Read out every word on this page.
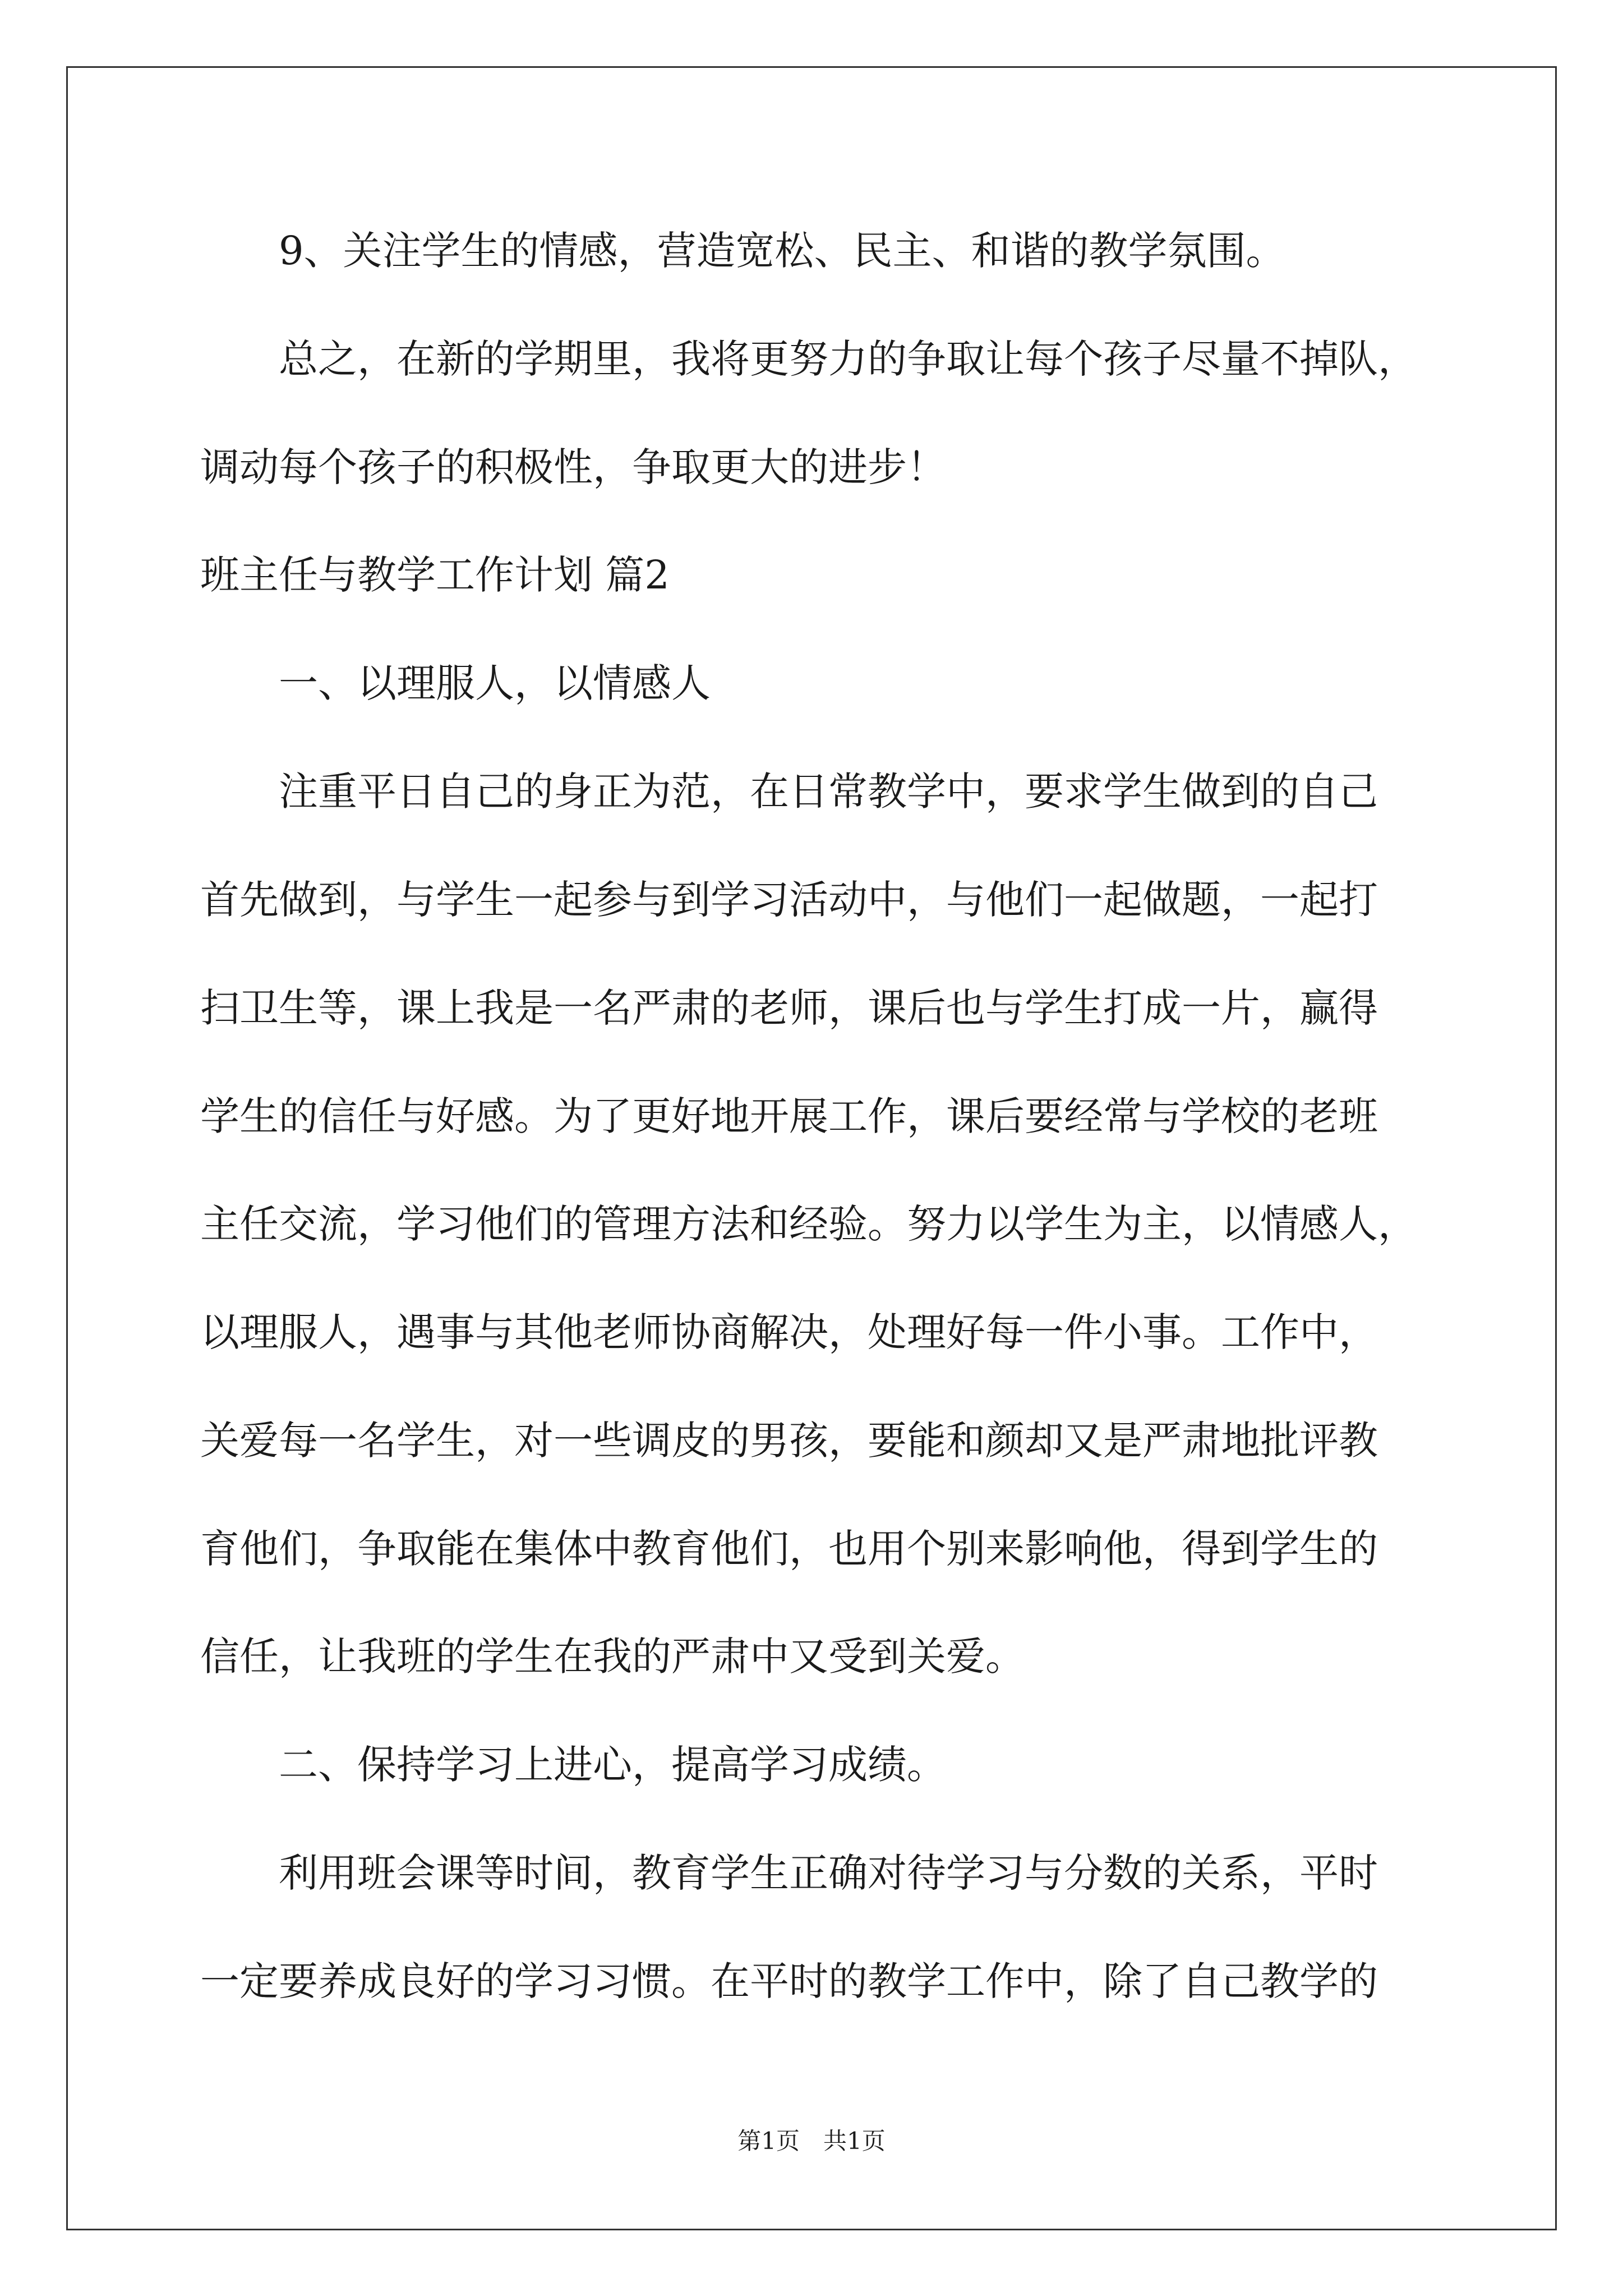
9、关注学生的情感，营造宽松、民主、和谐的教学氛围。
总之，在新的学期里，我将更努力的争取让每个孩子尽量不掉队，
调动每个孩子的积极性，争取更大的进步！
班主任与教学工作计划 篇2
一、以理服人，以情感人
注重平日自己的身正为范，在日常教学中，要求学生做到的自己
首先做到，与学生一起参与到学习活动中，与他们一起做题，一起打
扫卫生等，课上我是一名严肃的老师，课后也与学生打成一片，赢得
学生的信任与好感。为了更好地开展工作，课后要经常与学校的老班
主任交流，学习他们的管理方法和经验。努力以学生为主，以情感人，
以理服人，遇事与其他老师协商解决，处理好每一件小事。工作中，
关爱每一名学生，对一些调皮的男孩，要能和颜却又是严肃地批评教
育他们，争取能在集体中教育他们，也用个别来影响他，得到学生的
信任，让我班的学生在我的严肃中又受到关爱。
二、保持学习上进心，提高学习成绩。
利用班会课等时间，教育学生正确对待学习与分数的关系，平时
一定要养成良好的学习习惯。在平时的教学工作中，除了自己教学的
第1页　共1页
